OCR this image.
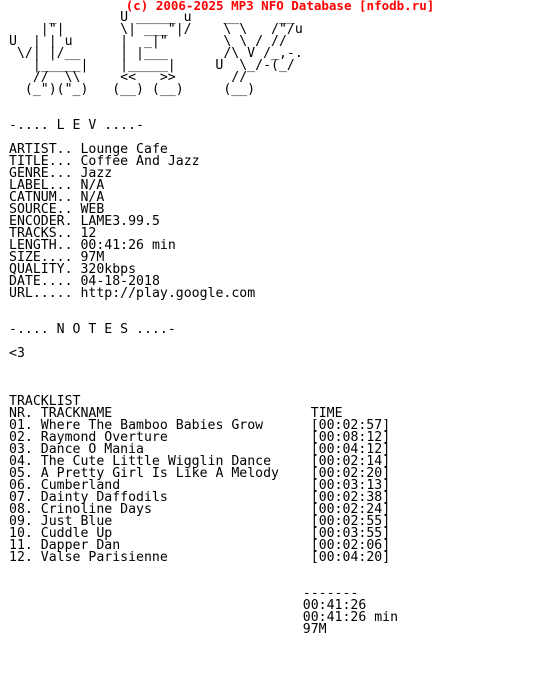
(c) 2006-2025 MP3 NFO Database [nfodb.ru]
_        U _____ u    __     __
|"|       \| ___"|/    \ \   /"/u
U  | | u      |  _|"       \ \ / //
\/| |/__     | |___       /\ V /_,-.
|_____|    |_____|     U  \_/-(_/
//  \\     <<   >>       //
(_")("_)   (__) (__)     (__)

-.... L E V ....-

ARTIST.. Lounge Cafe
TITLE... Coffee And Jazz
GENRE... Jazz
LABEL... N/A
CATNUM.. N/A
SOURCE.. WEB
ENCODER. LAME3.99.5
TRACKS.. 12
LENGTH.. 00:41:26 min
SIZE.... 97M
QUALITY. 320kbps
DATE.... 04-18-2018
URL..... http://play.google.com

-.... N O T E S ....-

<3

TRACKLIST
NR. TRACKNAME	TIME
01. Where The Bamboo Babies Grow	[00:02:57]
02. Raymond Overture	[00:08:12]
03. Dance O Mania	[00:04:12]
04. The Cute Little Wigglin Dance	[00:02:14]
05. A Pretty Girl Is Like A Melody [00:02:20]
06. Cumberland	[00:03:13]
07. Dainty Daffodils	[00:02:38]
08. Crinoline Days	[00:02:24]
09. Just Blue	[00:02:55]
10. Cuddle Up	[00:03:55]
11. Dapper Dan	[00:02:06]
12. Valse Parisienne	[00:04:20]

-------
00:41:26
00:41:26 min
97M
